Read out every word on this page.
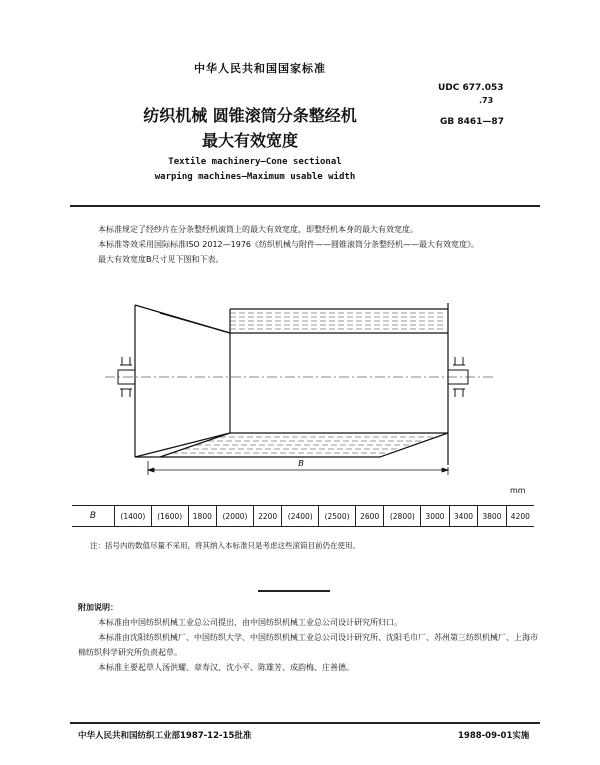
中华人民共和国国家标准
UDC 677.053
.73
GB 8461—87
纺织机械 圆锥滚筒分条整经机
最大有效宽度
Textile machinery—Cone sectional
warping machines—Maximum usable width

本标准规定了经纱片在分条整经机滚筒上的最大有效宽度，即整经机本身的最大有效宽度。

本标准等效采用国际标准ISO 2012—1976《纺织机械与附件——圆锥滚筒分条整经机——最大有效宽度》。

最大有效宽度B尺寸见下图和下表。

B
mm
B	(1400)	(1600)	1800	(2000)	2200	(2400)	(2500)	2600	(2800)	3000	3400	3800	4200
注：括号内的数值尽量不采用，将其纳入本标准只是考虑这些滚筒目前仍在使用。

附加说明：

本标准由中国纺织机械工业总公司提出，由中国纺织机械工业总公司设计研究所归口。

本标准由沈阳纺织机械厂、中国纺织大学、中国纺织机械工业总公司设计研究所、沈阳毛巾厂、苏州第三纺织机械厂、上海市棉纺织科学研究所负责起草。

本标准主要起草人汤洪耀、章寿汉、沈小平、陈雄芳、成韵梅、庄善德。

中华人民共和国纺织工业部1987-12-15批准	1988-09-01实施
